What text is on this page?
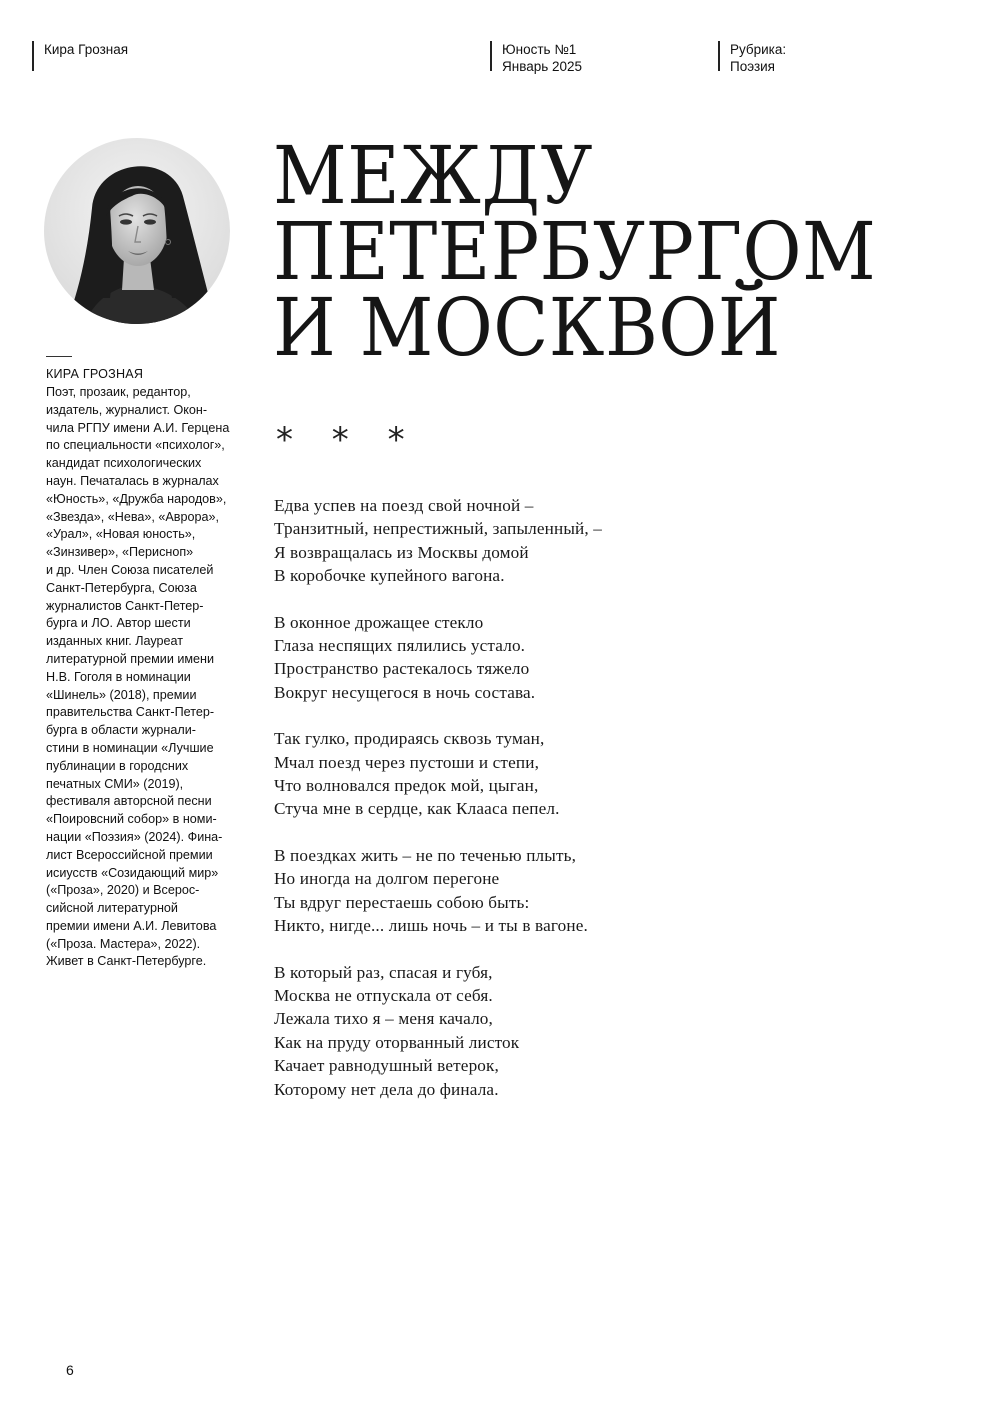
Кира Грозная	Юность №1
Январь 2025
Рубрика:
Поэзия
КИРА ГРОЗНАЯ
Поэт, прозаик, редантор,
издатель, журналист. Окон-
чила РГПУ имени А.И. Герцена
по специальности «психолог»,
кандидат психологических
наун. Печаталась в журналах
«Юность», «Дружба народов»,
«Звезда», «Нева», «Аврора»,
«Урал», «Новая юность»,
«Зинзивер», «Перисноп»
и др. Член Союза писателей
Санкт-Петербурга, Союза
журналистов Санкт-Петер-
бурга и ЛО. Автор шести
изданных книг. Лауреат
литературной премии имени
Н.В. Гоголя в номинации
«Шинель» (2018), премии
правительства Санкт-Петер-
бурга в области журнали-
стини в номинации «Лучшие
публинации в городсних
печатных СМИ» (2019),
фестиваля авторсной песни
«Поировсний собор» в номи-
нации «Поэзия» (2024). Фина-
лист Всероссийсной премии
исиусств «Созидающий мир»
(«Проза», 2020) и Всерос-
сийсной литературной
премии имени А.И. Левитова
(«Проза. Мастера», 2022).
Живет в Санкт-Петербурге.
МЕЖДУ
ПЕТЕРБУРГОМ
И МОСКВОЙ
* * *
Едва успев на поезд свой ночной –
Транзитный, непрестижный, запыленный, –
Я возвращалась из Москвы домой
В коробочке купейного вагона.
В оконное дрожащее стекло
Глаза неспящих пялились устало.
Пространство растекалось тяжело
Вокруг несущегося в ночь состава.
Так гулко, продираясь сквозь туман,
Мчал поезд через пустоши и степи,
Что волновался предок мой, цыган,
Стуча мне в сердце, как Клааса пепел.
В поездках жить – не по теченью плыть,
Но иногда на долгом перегоне
Ты вдруг перестаешь собою быть:
Никто, нигде... лишь ночь – и ты в вагоне.
В который раз, спасая и губя,
Москва не отпускала от себя.
Лежала тихо я – меня качало,
Как на пруду оторванный листок
Качает равнодушный ветерок,
Которому нет дела до финала.
6
